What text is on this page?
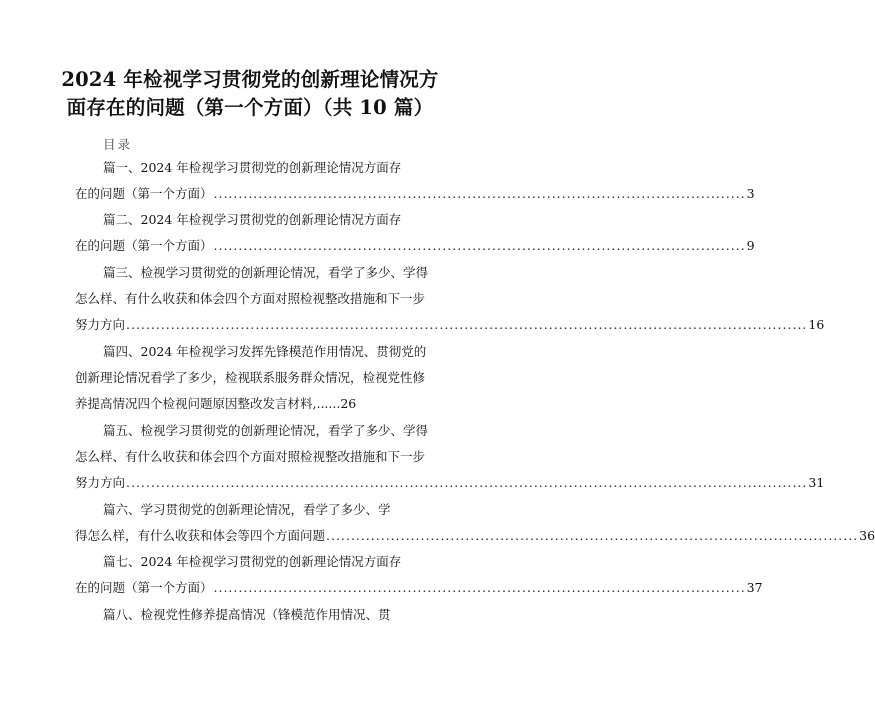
2024 年检视学习贯彻党的创新理论情况方
面存在的问题（第一个方面）（共 10 篇）
目录
篇一、2024 年检视学习贯彻党的创新理论情况方面存
在的问题（第一个方面） ........................................................................................................... 3
篇二、2024 年检视学习贯彻党的创新理论情况方面存
在的问题（第一个方面） ........................................................................................................... 9
篇三、检视学习贯彻党的创新理论情况，看学了多少、学得
怎么样、有什么收获和体会四个方面对照检视整改措施和下一步
努力方向 ......................................................................................................................................... 16
篇四、2024 年检视学习发挥先锋模范作用情况、贯彻党的
创新理论情况看学了多少，检视联系服务群众情况，检视党性修
养提高情况四个检视问题原因整改发言材料,...... 26
篇五、检视学习贯彻党的创新理论情况，看学了多少、学得
怎么样、有什么收获和体会四个方面对照检视整改措施和下一步
努力方向 ......................................................................................................................................... 31
篇六、学习贯彻党的创新理论情况，看学了多少、学
得怎么样，有什么收获和体会等四个方面问题 ........................................................................................................... 36
篇七、2024 年检视学习贯彻党的创新理论情况方面存
在的问题（第一个方面） ........................................................................................................... 37
篇八、检视党性修养提高情况（锋模范作用情况、贯
